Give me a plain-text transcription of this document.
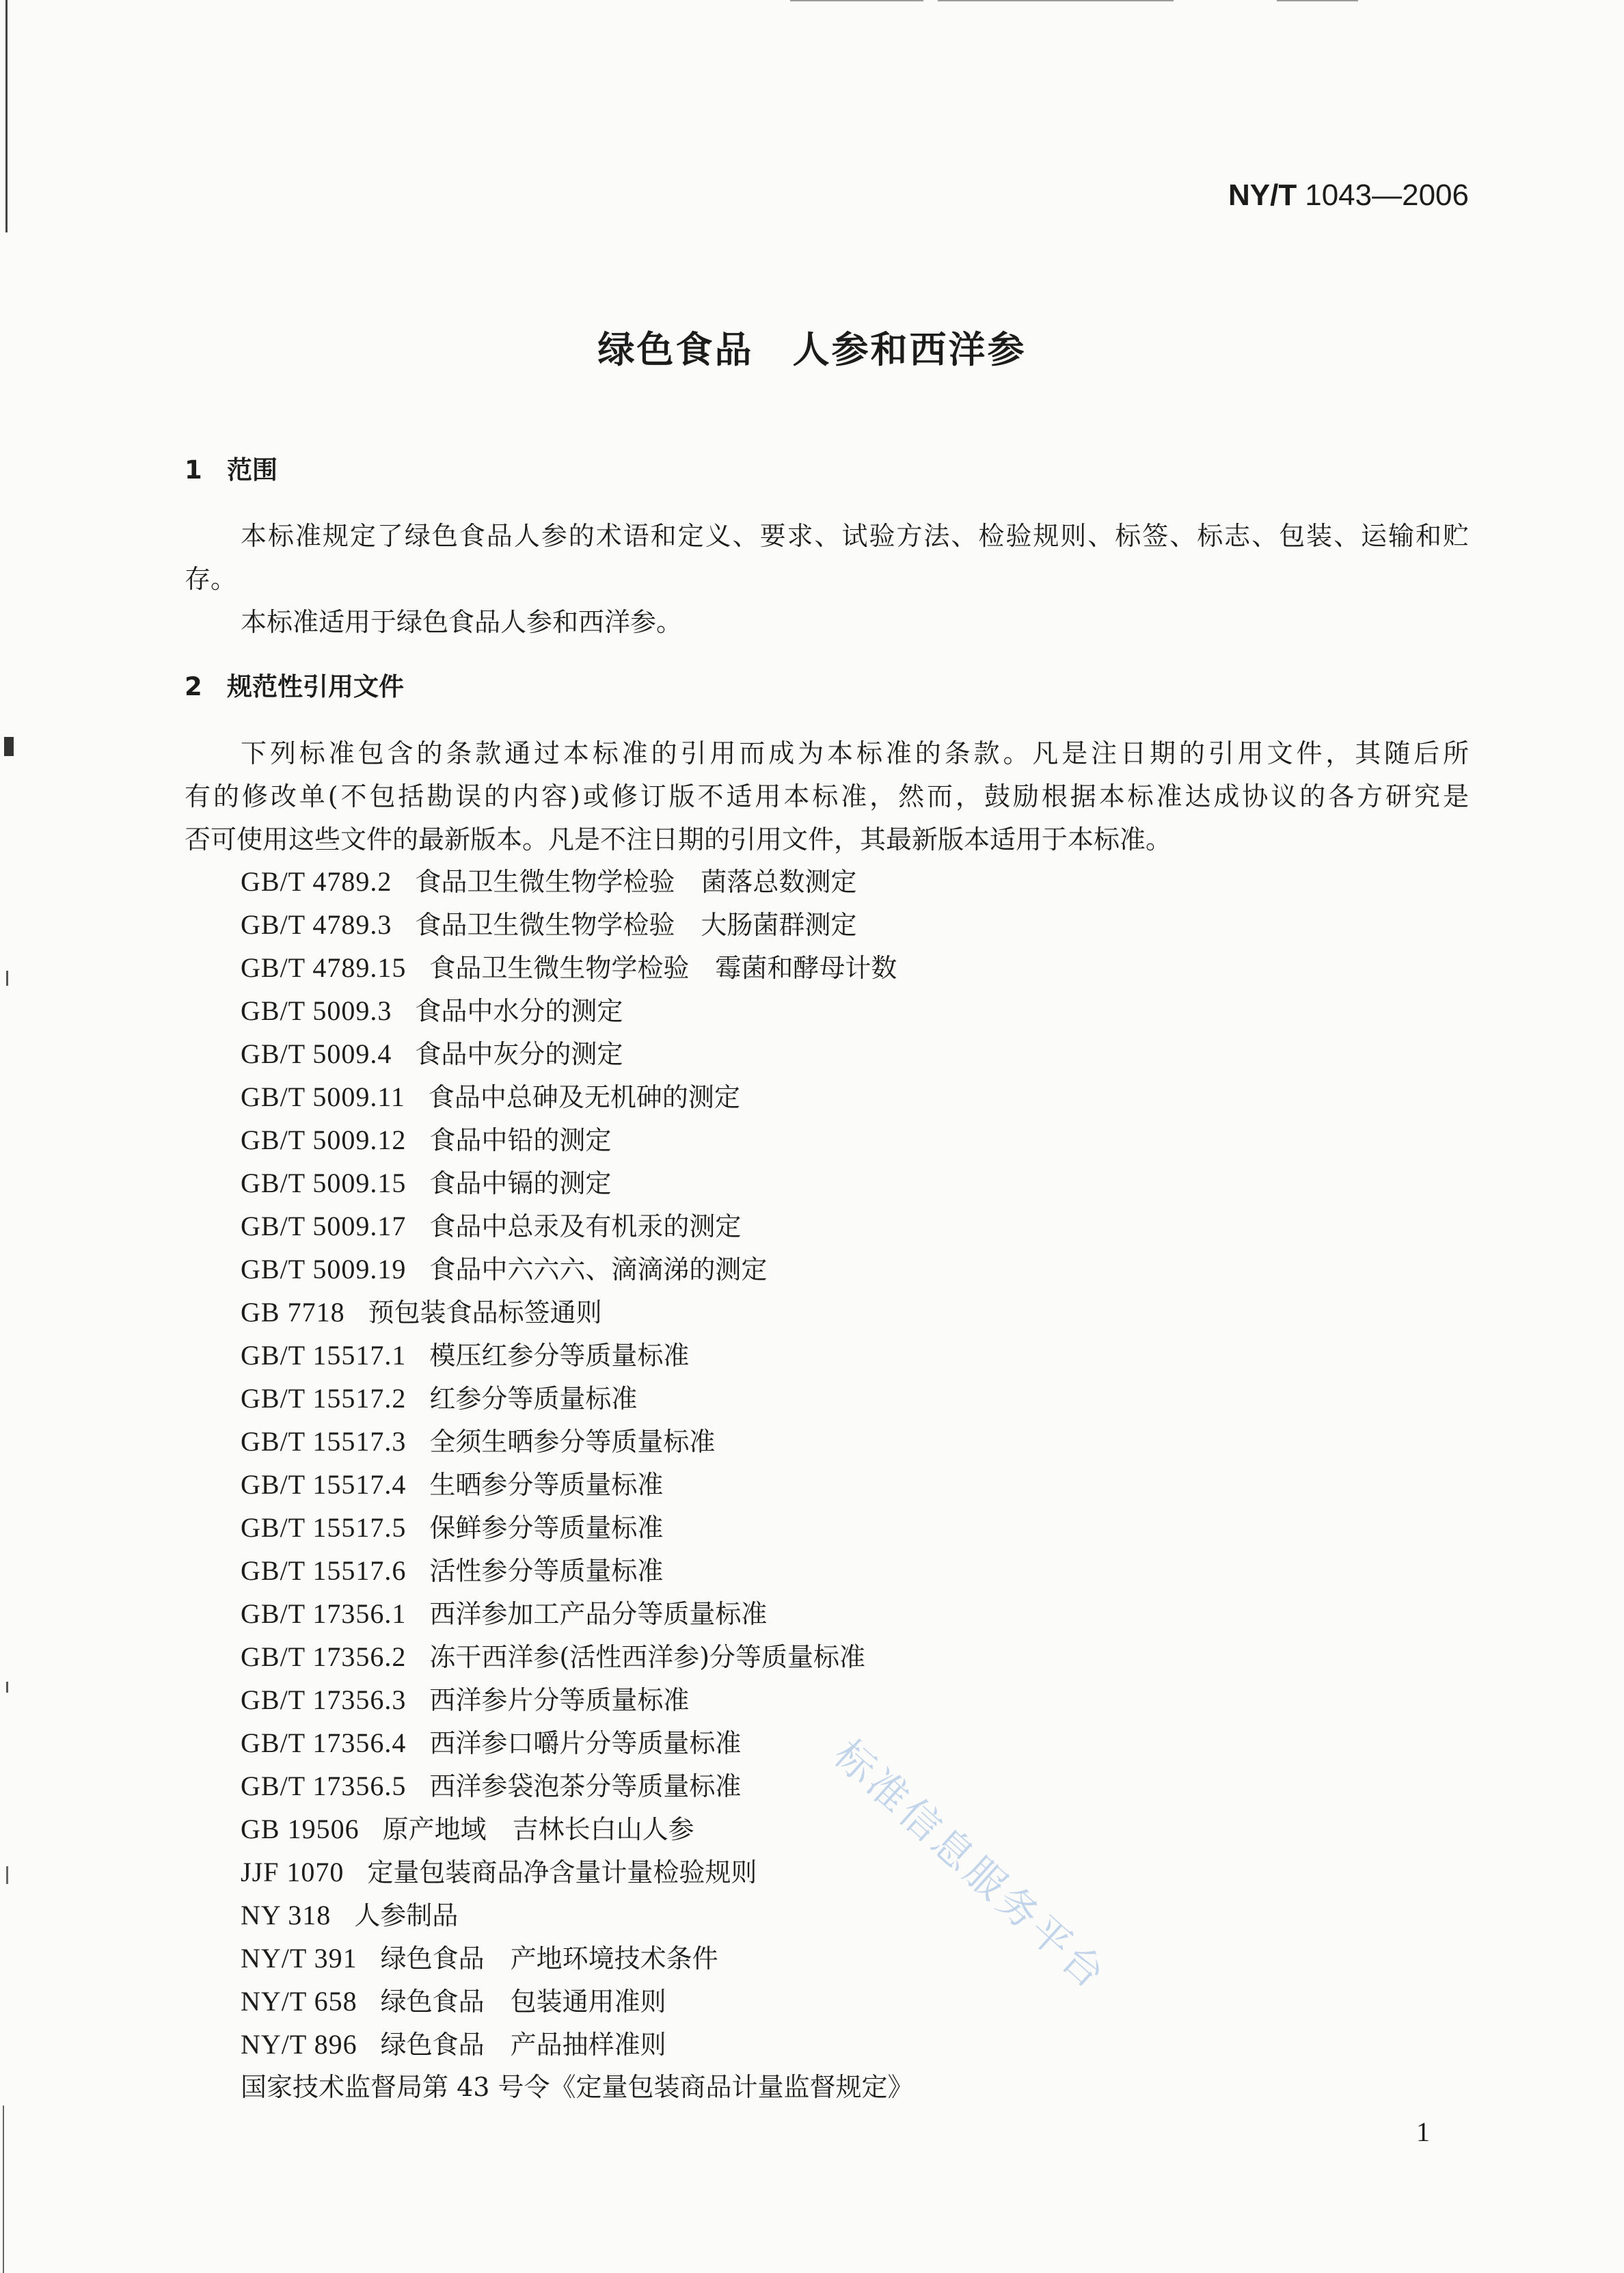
NY/T 1043—2006
绿色食品　人参和西洋参
1 范围
本标准规定了绿色食品人参的术语和定义、要求、试验方法、检验规则、标签、标志、包装、运输和贮
存。
本标准适用于绿色食品人参和西洋参。
2 规范性引用文件
下列标准包含的条款通过本标准的引用而成为本标准的条款。凡是注日期的引用文件，其随后所
有的修改单(不包括勘误的内容)或修订版不适用本标准，然而，鼓励根据本标准达成协议的各方研究是
否可使用这些文件的最新版本。凡是不注日期的引用文件，其最新版本适用于本标准。
GB/T 4789.2 食品卫生微生物学检验　菌落总数测定
GB/T 4789.3 食品卫生微生物学检验　大肠菌群测定
GB/T 4789.15 食品卫生微生物学检验　霉菌和酵母计数
GB/T 5009.3 食品中水分的测定
GB/T 5009.4 食品中灰分的测定
GB/T 5009.11 食品中总砷及无机砷的测定
GB/T 5009.12 食品中铅的测定
GB/T 5009.15 食品中镉的测定
GB/T 5009.17 食品中总汞及有机汞的测定
GB/T 5009.19 食品中六六六、滴滴涕的测定
GB 7718 预包装食品标签通则
GB/T 15517.1 模压红参分等质量标准
GB/T 15517.2 红参分等质量标准
GB/T 15517.3 全须生晒参分等质量标准
GB/T 15517.4 生晒参分等质量标准
GB/T 15517.5 保鲜参分等质量标准
GB/T 15517.6 活性参分等质量标准
GB/T 17356.1 西洋参加工产品分等质量标准
GB/T 17356.2 冻干西洋参(活性西洋参)分等质量标准
GB/T 17356.3 西洋参片分等质量标准
GB/T 17356.4 西洋参口嚼片分等质量标准
GB/T 17356.5 西洋参袋泡茶分等质量标准
GB 19506 原产地域　吉林长白山人参
JJF 1070 定量包装商品净含量计量检验规则
NY 318 人参制品
NY/T 391 绿色食品　产地环境技术条件
NY/T 658 绿色食品　包装通用准则
NY/T 896 绿色食品　产品抽样准则
国家技术监督局第 43 号令《定量包装商品计量监督规定》
1
标准信息服务平台
